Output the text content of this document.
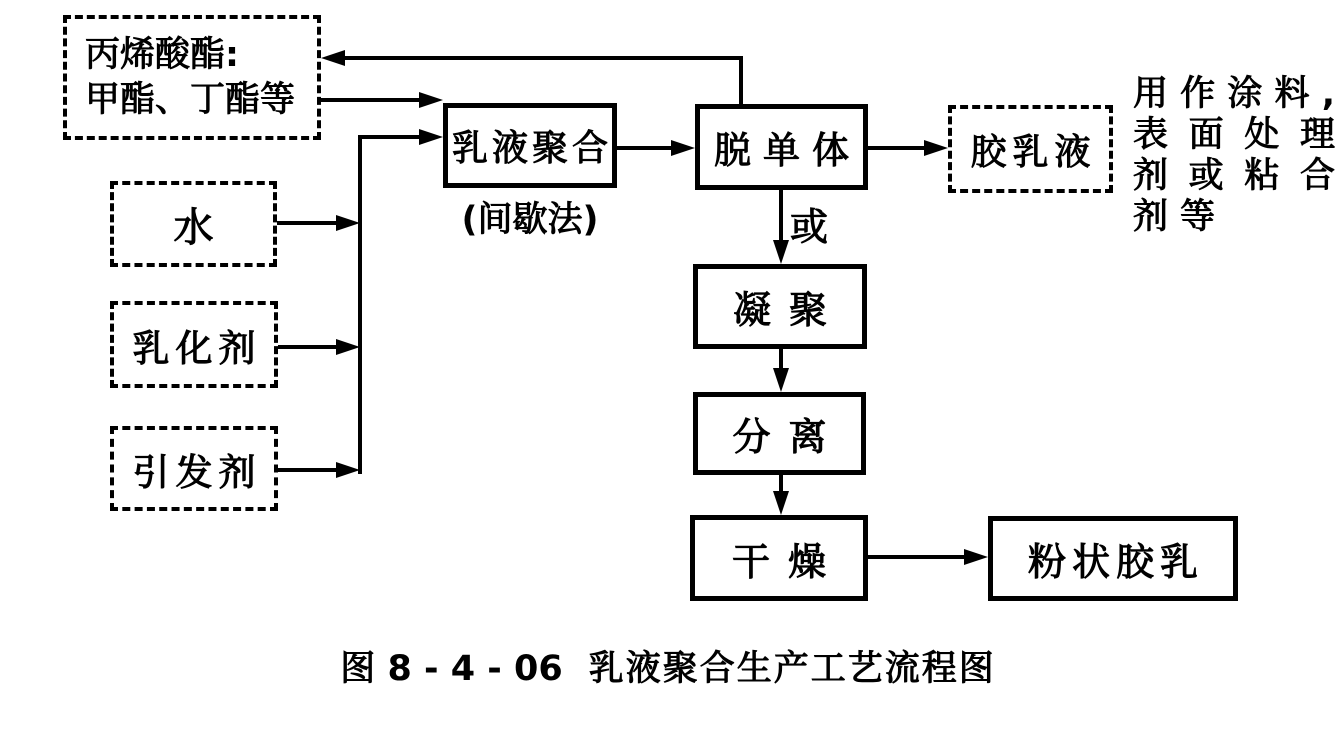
丙烯酸酯:
甲酯、丁酯等
水
乳化剂
引发剂
乳液聚合
(间歇法)
脱单体	胶乳液
凝聚
分离
干燥	粉状胶乳
或
用作涂料,
表面处理
剂或粘合
剂等
图 8 - 4 - 06 乳液聚合生产工艺流程图
